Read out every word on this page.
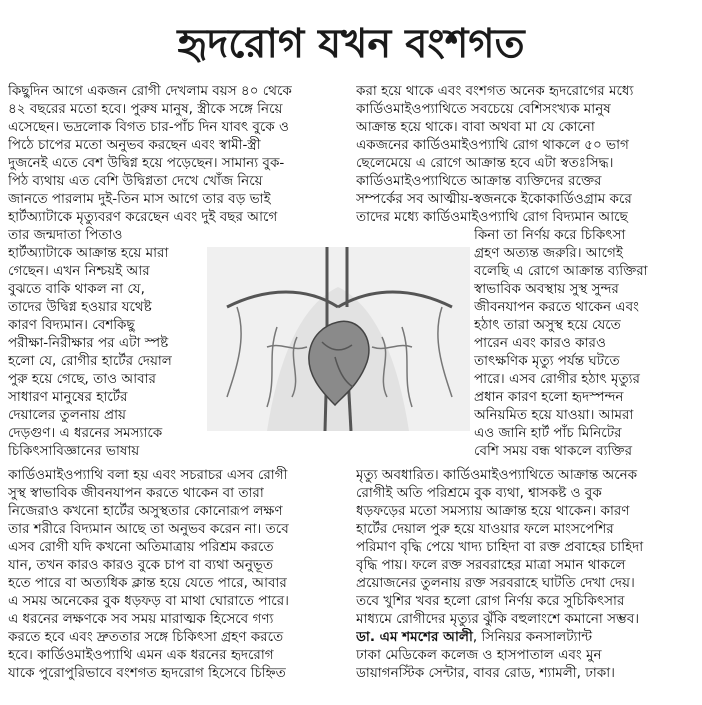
হৃদরোগ যখন বংশগত
কিছুদিন আগে একজন রোগী দেখলাম বয়স ৪০ থেকে
৪২ বছরের মতো হবে। পুরুষ মানুষ, স্ত্রীকে সঙ্গে নিয়ে
এসেছেন। ভদ্রলোক বিগত চার-পাঁচ দিন যাবৎ বুকে ও
পিঠে চাপের মতো অনুভব করছেন এবং স্বামী-স্ত্রী
দুজনেই এতে বেশ উদ্বিগ্ন হয়ে পড়েছেন। সামান্য বুক-
পিঠ ব্যথায় এত বেশি উদ্বিগ্নতা দেখে খোঁজ নিয়ে
জানতে পারলাম দুই-তিন মাস আগে তার বড় ভাই
হার্টঅ্যাটাকে মৃত্যুবরণ করেছেন এবং দুই বছর আগে
তার জন্মদাতা পিতাও
হার্টঅ্যাটাকে আক্রান্ত হয়ে মারা
গেছেন। এখন নিশ্চয়ই আর
বুঝতে বাকি থাকল না যে,
তাদের উদ্বিগ্ন হওয়ার যথেষ্ট
কারণ বিদ্যমান। বেশকিছু
পরীক্ষা-নিরীক্ষার পর এটা স্পষ্ট
হলো যে, রোগীর হার্টের দেয়াল
পুরু হয়ে গেছে, তাও আবার
সাধারণ মানুষের হার্টের
দেয়ালের তুলনায় প্রায়
দেড়গুণ। এ ধরনের সমস্যাকে
চিকিৎসাবিজ্ঞানের ভাষায়
কার্ডিওমাইওপ্যাথি বলা হয় এবং সচরাচর এসব রোগী
সুস্থ স্বাভাবিক জীবনযাপন করতে থাকেন বা তারা
নিজেরাও কখনো হার্টের অসুস্থতার কোনোরূপ লক্ষণ
তার শরীরে বিদ্যমান আছে তা অনুভব করেন না। তবে
এসব রোগী যদি কখনো অতিমাত্রায় পরিশ্রম করতে
যান, তখন কারও কারও বুকে চাপ বা ব্যথা অনুভূত
হতে পারে বা অত্যধিক ক্লান্ত হয়ে যেতে পারে, আবার
এ সময় অনেকের বুক ধড়ফড় বা মাথা ঘোরাতে পারে।
এ ধরনের লক্ষণকে সব সময় মারাত্মক হিসেবে গণ্য
করতে হবে এবং দ্রুততার সঙ্গে চিকিৎসা গ্রহণ করতে
হবে। কার্ডিওমাইওপ্যাথি এমন এক ধরনের হৃদরোগ
যাকে পুরোপুরিভাবে বংশগত হৃদরোগ হিসেবে চিহ্নিত
করা হয়ে থাকে এবং বংশগত অনেক হৃদরোগের মধ্যে
কার্ডিওমাইওপ্যাথিতে সবচেয়ে বেশিসংখ্যক মানুষ
আক্রান্ত হয়ে থাকে। বাবা অথবা মা যে কোনো
একজনের কার্ডিওমাইওপ্যাথি রোগ থাকলে ৫০ ভাগ
ছেলেমেয়ে এ রোগে আক্রান্ত হবে এটা স্বতঃসিদ্ধ।
কার্ডিওমাইওপ্যাথিতে আক্রান্ত ব্যক্তিদের রক্তের
সম্পর্কের সব আত্মীয়-স্বজনকে ইকোকার্ডিওগ্রাম করে
তাদের মধ্যে কার্ডিওমাইওপ্যাথি রোগ বিদ্যমান আছে
কিনা তা নির্ণয় করে চিকিৎসা
গ্রহণ অত্যন্ত জরুরি। আগেই
বলেছি এ রোগে আক্রান্ত ব্যক্তিরা
স্বাভাবিক অবস্থায় সুস্থ সুন্দর
জীবনযাপন করতে থাকেন এবং
হঠাৎ তারা অসুস্থ হয়ে যেতে
পারেন এবং কারও কারও
তাৎক্ষণিক মৃত্যু পর্যন্ত ঘটতে
পারে। এসব রোগীর হঠাৎ মৃত্যুর
প্রধান কারণ হলো হৃদস্পন্দন
অনিয়মিত হয়ে যাওয়া। আমরা
এও জানি হার্ট পাঁচ মিনিটের
বেশি সময় বন্ধ থাকলে ব্যক্তির
মৃত্যু অবধারিত। কার্ডিওমাইওপ্যাথিতে আক্রান্ত অনেক
রোগীই অতি পরিশ্রমে বুক ব্যথা, শ্বাসকষ্ট ও বুক
ধড়ফড়ের মতো সমস্যায় আক্রান্ত হয়ে থাকেন। কারণ
হার্টের দেয়াল পুরু হয়ে যাওয়ার ফলে মাংসপেশির
পরিমাণ বৃদ্ধি পেয়ে খাদ্য চাহিদা বা রক্ত প্রবাহের চাহিদা
বৃদ্ধি পায়। ফলে রক্ত সরবরাহের মাত্রা সমান থাকলে
প্রয়োজনের তুলনায় রক্ত সরবরাহে ঘাটতি দেখা দেয়।
তবে খুশির খবর হলো রোগ নির্ণয় করে সুচিকিৎসার
মাধ্যমে রোগীদের মৃত্যুর ঝুঁকি বহুলাংশে কমানো সম্ভব।
ডা. এম শমশের আলী, সিনিয়র কনসালট্যান্ট
ঢাকা মেডিকেল কলেজ ও হাসপাতাল এবং মুন
ডায়াগনস্টিক সেন্টার, বাবর রোড, শ্যামলী, ঢাকা।
